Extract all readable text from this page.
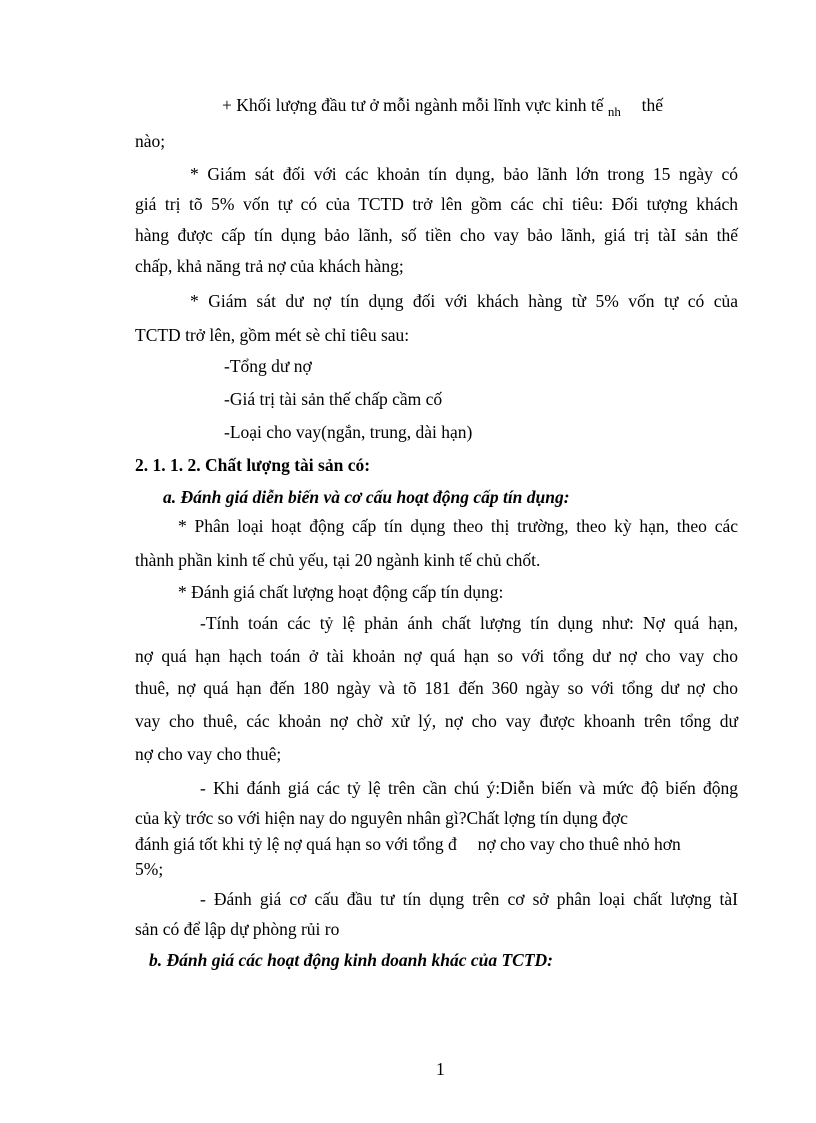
+ Khối lượng đầu tư ở mỗi ngành mỗi lĩnh vực kinh tế $_{nh}$ thế
nào;
* Giám sát đối với các khoản tín dụng, bảo lãnh lớn trong 15 ngày có
giá trị tõ 5% vốn tự có của TCTD trở lên gồm các chỉ tiêu: Đối tượng khách
hàng được cấp tín dụng bảo lãnh, số tiền cho vay bảo lãnh, giá trị tàI sản thế
chấp, khả năng trả nợ của khách hàng;
* Giám sát dư nợ tín dụng đối với khách hàng từ 5% vốn tự có của
TCTD trở lên, gồm mét sè chỉ tiêu sau:
-Tổng dư nợ
-Giá trị tài sản thế chấp cầm cố
-Loại cho vay(ngắn, trung, dài hạn)
2. 1. 1. 2. Chất lượng tài sản có:
a. Đánh giá diễn biến và cơ cấu hoạt động cấp tín dụng:
* Phân loại hoạt động cấp tín dụng theo thị trường, theo kỳ hạn, theo các
thành phần kinh tế chủ yếu, tại 20 ngành kinh tế chủ chốt.
* Đánh giá chất lượng hoạt động cấp tín dụng:
-Tính toán các tỷ lệ phản ánh chất lượng tín dụng như: Nợ quá hạn,
nợ quá hạn hạch toán ở tài khoản nợ quá hạn so với tổng dư nợ cho vay cho
thuê, nợ quá hạn đến 180 ngày và tõ 181 đến 360 ngày so với tổng dư nợ cho
vay cho thuê, các khoản nợ chờ xử lý, nợ cho vay được khoanh trên tổng dư
nợ cho vay cho thuê;
- Khi đánh giá các tỷ lệ trên cần chú ý:Diễn biến và mức độ biến động
của kỳ trớc so với hiện nay do nguyên nhân gì?Chất lợng tín dụng đợc
đánh giá tốt khi tỷ lệ nợ quá hạn so với tổng đ nợ cho vay cho thuê nhỏ hơn
5%;
- Đánh giá cơ cấu đầu tư tín dụng trên cơ sở phân loại chất lượng tàI
sản có để lập dự phòng rủi ro
b. Đánh giá các hoạt động kinh doanh khác của TCTD:
1
